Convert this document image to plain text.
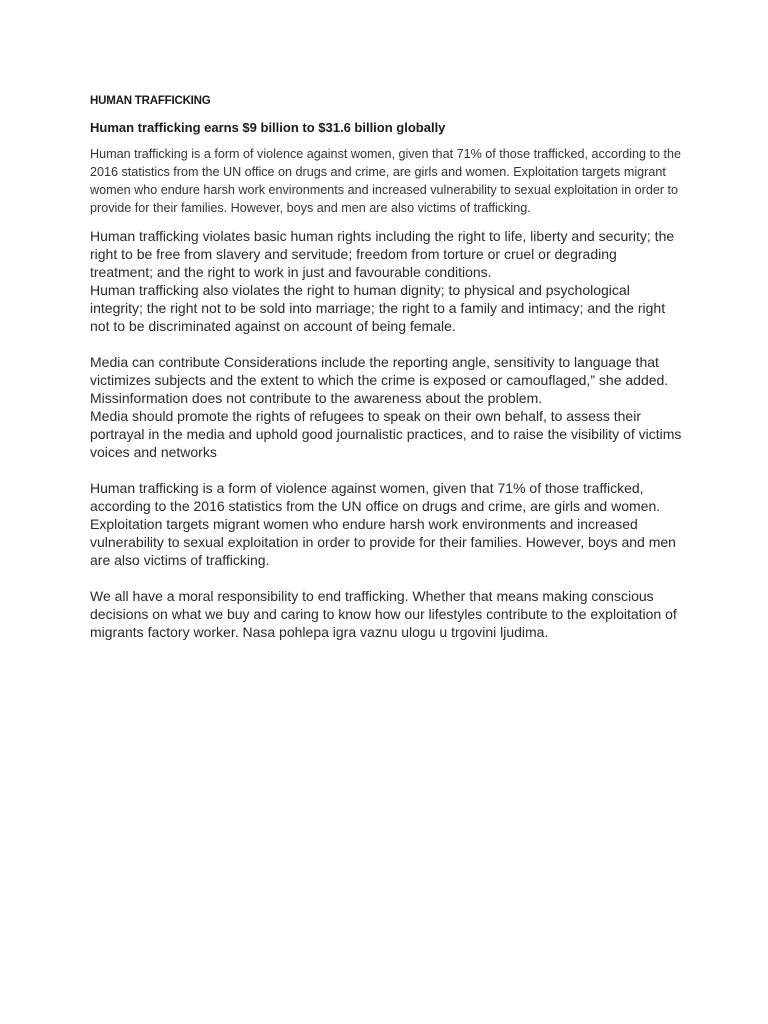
HUMAN TRAFFICKING
Human trafficking earns $9 billion to $31.6 billion globally

Human trafficking is a form of violence against women, given that 71% of those trafficked, according to the 2016 statistics from the UN office on drugs and crime, are girls and women. Exploitation targets migrant women who endure harsh work environments and increased vulnerability to sexual exploitation in order to provide for their families. However, boys and men are also victims of trafficking.

Human trafficking violates basic human rights including the right to life, liberty and security; the right to be free from slavery and servitude; freedom from torture or cruel or degrading treatment; and the right to work in just and favourable conditions.

Human trafficking also violates the right to human dignity; to physical and psychological integrity; the right not to be sold into marriage; the right to a family and intimacy; and the right not to be discriminated against on account of being female.

Media can contribute Considerations include the reporting angle, sensitivity to language that victimizes subjects and the extent to which the crime is exposed or camouflaged,” she added.

Missinformation does not contribute to the awareness about the problem.

Media should promote the rights of refugees to speak on their own behalf, to assess their portrayal in the media and uphold good journalistic practices, and to raise the visibility of victims voices and networks

Human trafficking is a form of violence against women, given that 71% of those trafficked, according to the 2016 statistics from the UN office on drugs and crime, are girls and women. Exploitation targets migrant women who endure harsh work environments and increased vulnerability to sexual exploitation in order to provide for their families. However, boys and men are also victims of trafficking.

We all have a moral responsibility to end trafficking. Whether that means making conscious decisions on what we buy and caring to know how our lifestyles contribute to the exploitation of migrants factory worker. Nasa pohlepa igra vaznu ulogu u trgovini ljudima.
